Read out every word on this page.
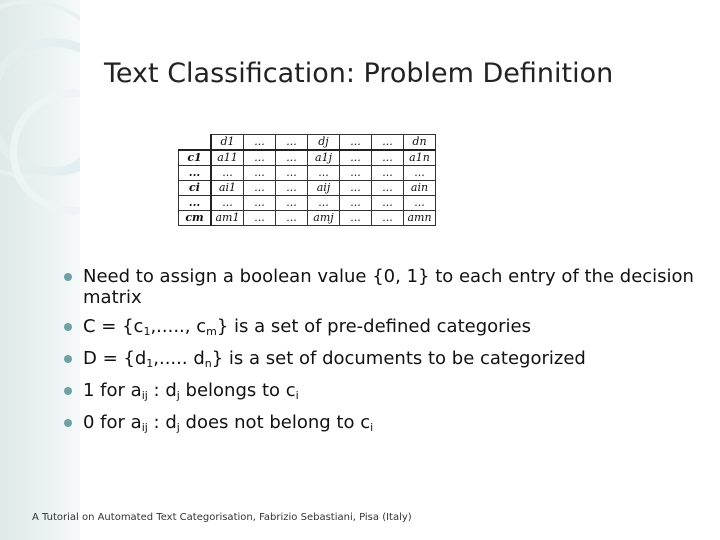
Text Classification: Problem Definition
	d1	...	...	dj	...	...	dn
c1	a11	...	...	a1j	...	...	a1n
...	...	...	...	...	...	...	...
ci	ai1	...	...	aij	...	...	ain
...	...	...	...	...	...	...	...
cm	am1	...	...	amj	...	...	amn
Need to assign a boolean value {0, 1} to each entry of the decision matrix
$C = \{c_1$,....., $c_m$} is a set of pre-defined categories
$D = \{d_1$,..... $d_n$} is a set of documents to be categorized
1 for $a_{ij}$ : $d_j$ belongs to $c_i$
0 for $a_{ij}$ : $d_j$ does not belong to $c_i$

A Tutorial on Automated Text Categorisation, Fabrizio Sebastiani, Pisa (Italy)
